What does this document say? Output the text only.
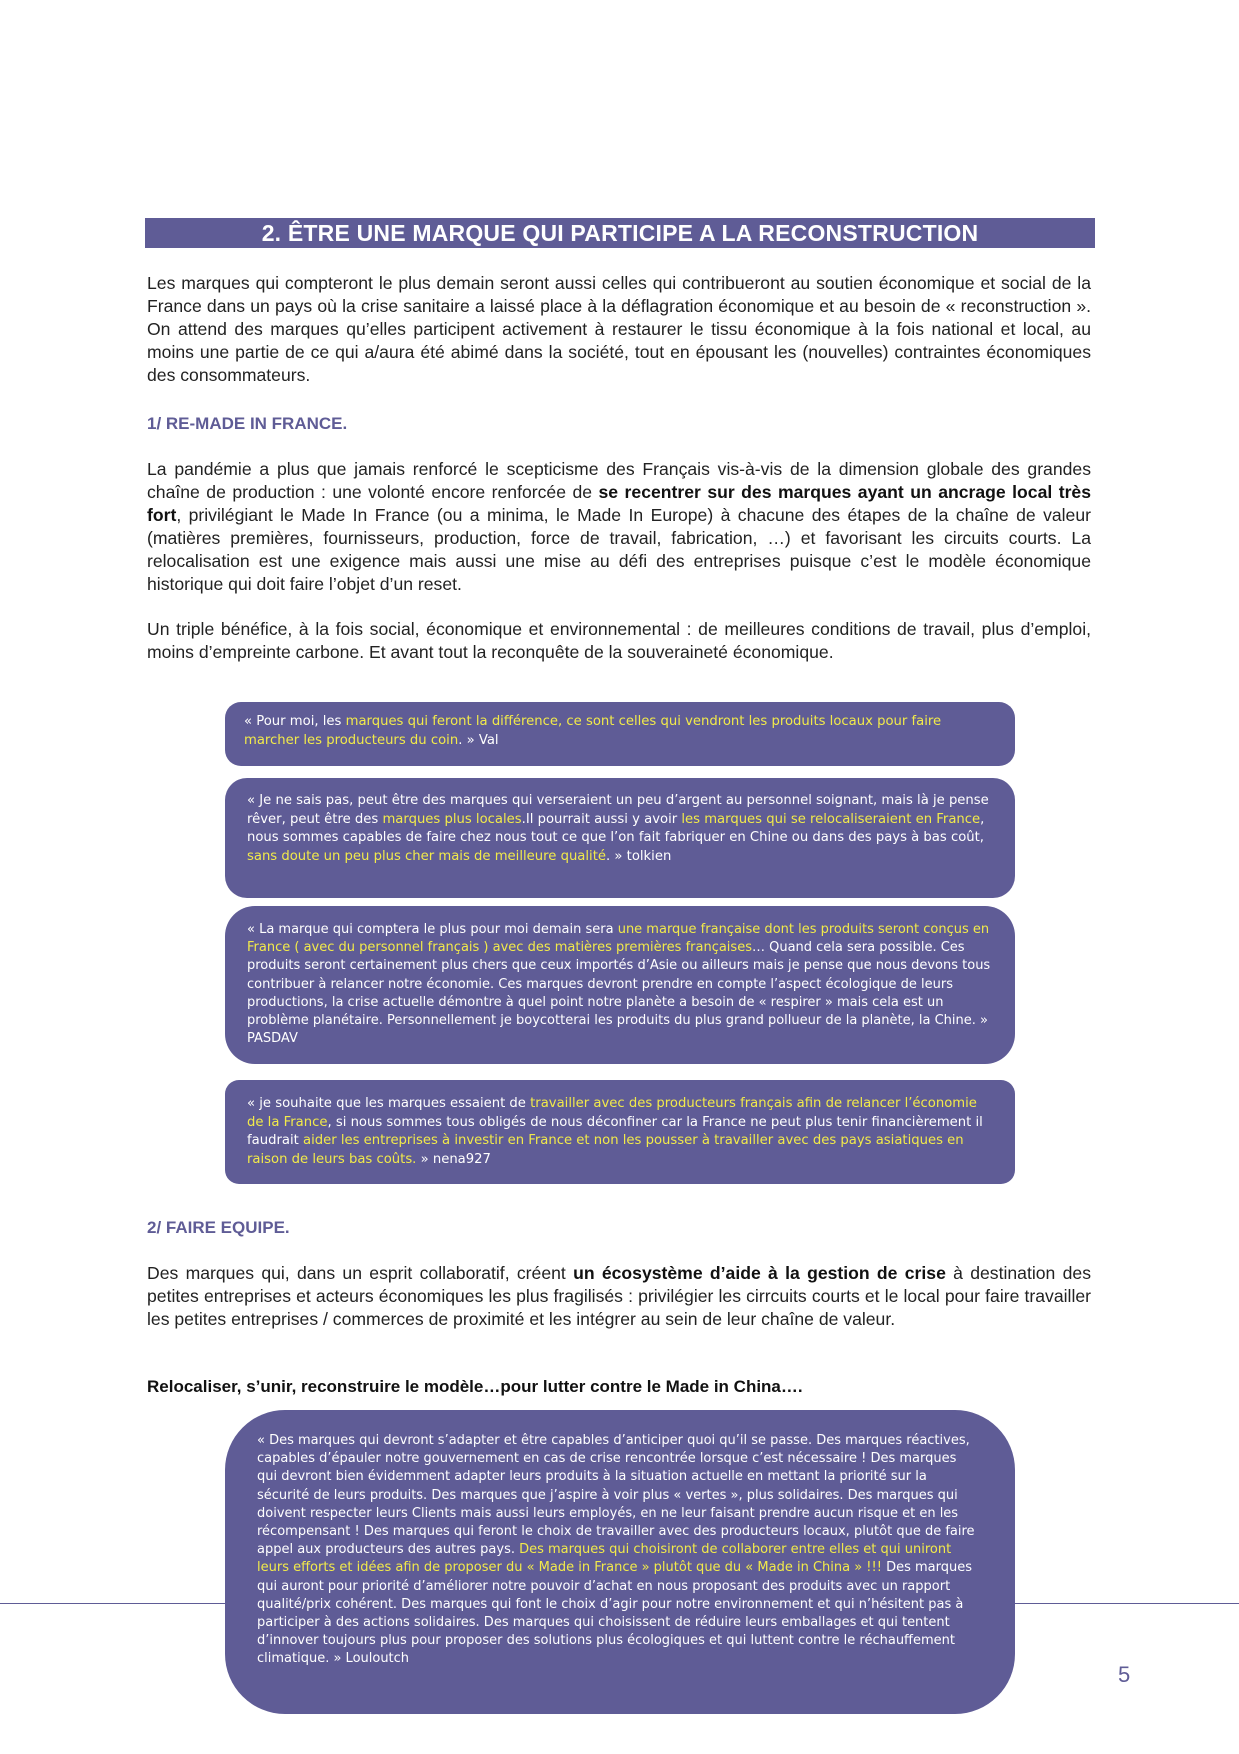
2. ÊTRE UNE MARQUE QUI PARTICIPE A LA RECONSTRUCTION

Les marques qui compteront le plus demain seront aussi celles qui contribueront au soutien économique et social de la France dans un pays où la crise sanitaire a laissé place à la déflagration économique et au besoin de « reconstruction ». On attend des marques qu’elles participent activement à restaurer le tissu économique à la fois national et local, au moins une partie de ce qui a/aura été abimé dans la société, tout en épousant les (nouvelles) contraintes économiques des consommateurs.

1/ RE-MADE IN FRANCE.

La pandémie a plus que jamais renforcé le scepticisme des Français vis-à-vis de la dimension globale des grandes chaîne de production : une volonté encore renforcée de se recentrer sur des marques ayant un ancrage local très fort, privilégiant le Made In France (ou a minima, le Made In Europe) à chacune des étapes de la chaîne de valeur (matières premières, fournisseurs, production, force de travail, fabrication, …) et favorisant les circuits courts. La relocalisation est une exigence mais aussi une mise au défi des entreprises puisque c’est le modèle économique historique qui doit faire l’objet d’un reset.

Un triple bénéfice, à la fois social, économique et environnemental : de meilleures conditions de travail, plus d’emploi, moins d’empreinte carbone. Et avant tout la reconquête de la souveraineté économique.

« Pour moi, les marques qui feront la différence, ce sont celles qui vendront les produits locaux pour faire marcher les producteurs du coin. » Val

« Je ne sais pas, peut être des marques qui verseraient un peu d’argent au personnel soignant, mais là je pense rêver, peut être des marques plus locales.Il pourrait aussi y avoir les marques qui se relocaliseraient en France, nous sommes capables de faire chez nous tout ce que l’on fait fabriquer en Chine ou dans des pays à bas coût, sans doute un peu plus cher mais de meilleure qualité. » tolkien

« La marque qui comptera le plus pour moi demain sera une marque française dont les produits seront conçus en France ( avec du personnel français ) avec des matières premières françaises… Quand cela sera possible. Ces produits seront certainement plus chers que ceux importés d’Asie ou ailleurs mais je pense que nous devons tous contribuer à relancer notre économie. Ces marques devront prendre en compte l’aspect écologique de leurs productions, la crise actuelle démontre à quel point notre planète a besoin de « respirer » mais cela est un problème planétaire. Personnellement je boycotterai les produits du plus grand pollueur de la planète, la Chine. » PASDAV

« je souhaite que les marques essaient de travailler avec des producteurs français afin de relancer l’économie de la France, si nous sommes tous obligés de nous déconfiner car la France ne peut plus tenir financièrement il faudrait aider les entreprises à investir en France et non les pousser à travailler avec des pays asiatiques en raison de leurs bas coûts. » nena927

2/ FAIRE EQUIPE.

Des marques qui, dans un esprit collaboratif, créent un écosystème d’aide à la gestion de crise à destination des petites entreprises et acteurs économiques les plus fragilisés : privilégier les cirrcuits courts et le local pour faire travailler les petites entreprises / commerces de proximité et les intégrer au sein de leur chaîne de valeur.

Relocaliser, s’unir, reconstruire le modèle…pour lutter contre le Made in China….

« Des marques qui devront s’adapter et être capables d’anticiper quoi qu’il se passe. Des marques réactives, capables d’épauler notre gouvernement en cas de crise rencontrée lorsque c’est nécessaire ! Des marques qui devront bien évidemment adapter leurs produits à la situation actuelle en mettant la priorité sur la sécurité de leurs produits. Des marques que j’aspire à voir plus « vertes », plus solidaires. Des marques qui doivent respecter leurs Clients mais aussi leurs employés, en ne leur faisant prendre aucun risque et en les récompensant ! Des marques qui feront le choix de travailler avec des producteurs locaux, plutôt que de faire appel aux producteurs des autres pays. Des marques qui choisiront de collaborer entre elles et qui uniront leurs efforts et idées afin de proposer du « Made in France » plutôt que du « Made in China » !!! Des marques qui auront pour priorité d’améliorer notre pouvoir d’achat en nous proposant des produits avec un rapport qualité/prix cohérent. Des marques qui font le choix d’agir pour notre environnement et qui n’hésitent pas à participer à des actions solidaires. Des marques qui choisissent de réduire leurs emballages et qui tentent d’innover toujours plus pour proposer des solutions plus écologiques et qui luttent contre le réchauffement climatique. » Louloutch

5
